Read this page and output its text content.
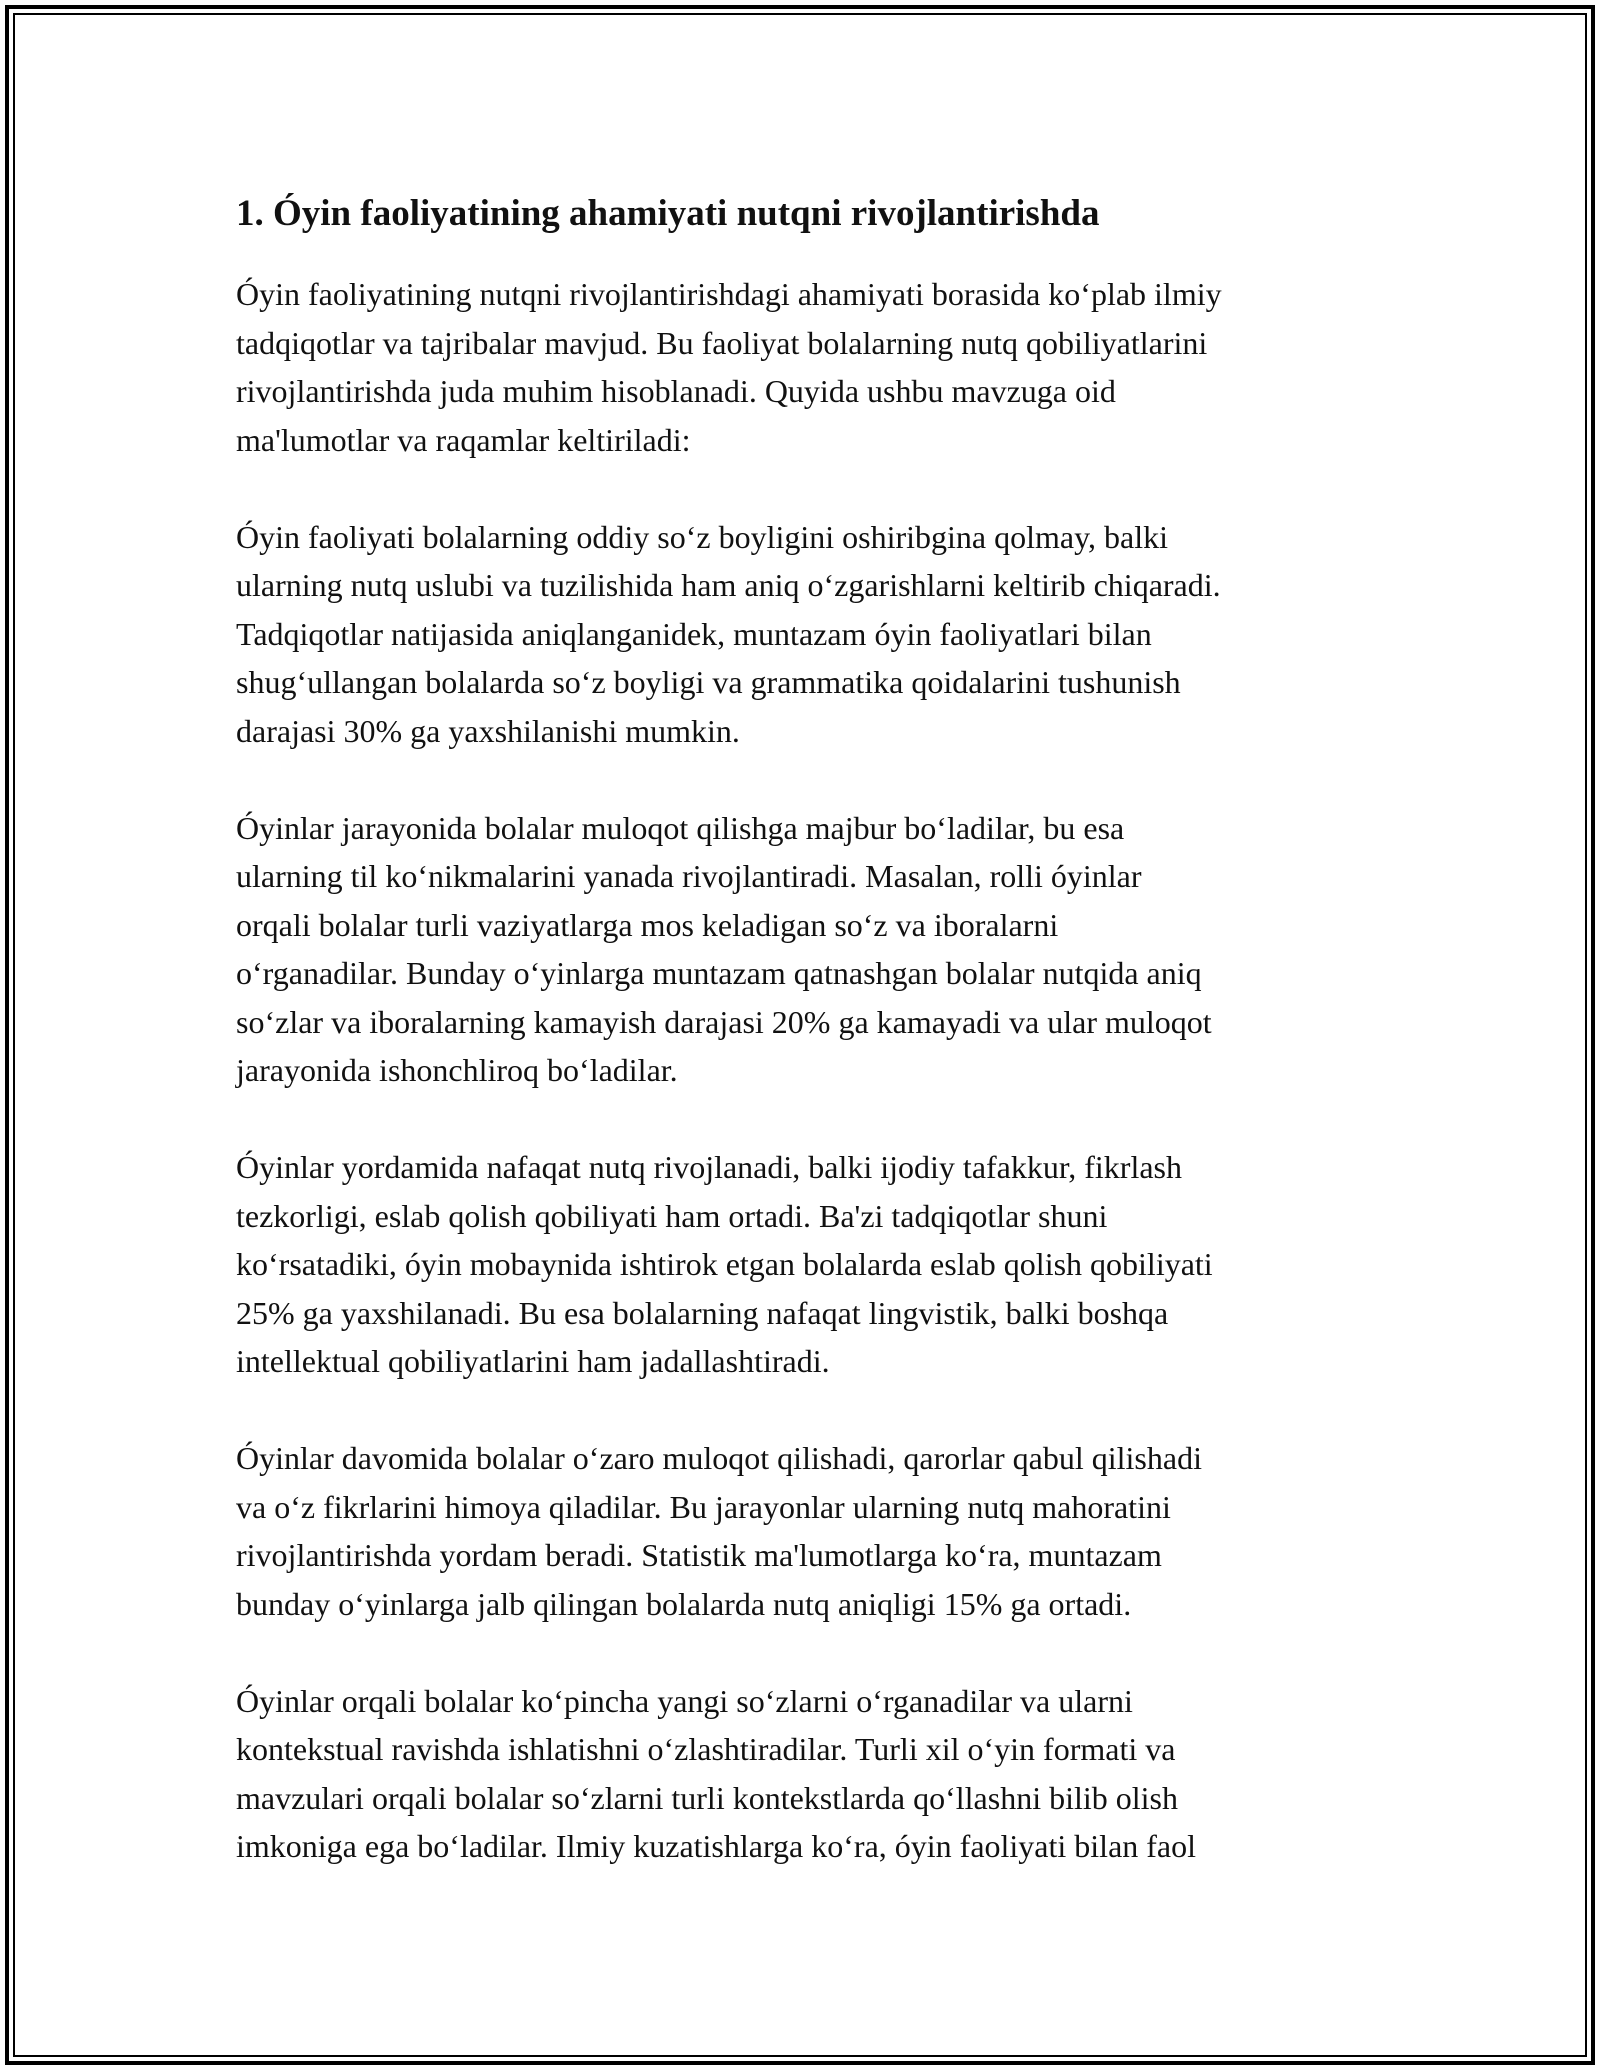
1. Óyin faoliyatining ahamiyati nutqni rivojlantirishda

Óyin faoliyatining nutqni rivojlantirishdagi ahamiyati borasida koʻplab ilmiy
tadqiqotlar va tajribalar mavjud. Bu faoliyat bolalarning nutq qobiliyatlarini
rivojlantirishda juda muhim hisoblanadi. Quyida ushbu mavzuga oid
ma'lumotlar va raqamlar keltiriladi:

Óyin faoliyati bolalarning oddiy soʻz boyligini oshiribgina qolmay, balki
ularning nutq uslubi va tuzilishida ham aniq oʻzgarishlarni keltirib chiqaradi.
Tadqiqotlar natijasida aniqlanganidek, muntazam óyin faoliyatlari bilan
shugʻullangan bolalarda soʻz boyligi va grammatika qoidalarini tushunish
darajasi 30% ga yaxshilanishi mumkin.

Óyinlar jarayonida bolalar muloqot qilishga majbur boʻladilar, bu esa
ularning til koʻnikmalarini yanada rivojlantiradi. Masalan, rolli óyinlar
orqali bolalar turli vaziyatlarga mos keladigan soʻz va iboralarni
oʻrganadilar. Bunday oʻyinlarga muntazam qatnashgan bolalar nutqida aniq
soʻzlar va iboralarning kamayish darajasi 20% ga kamayadi va ular muloqot
jarayonida ishonchliroq boʻladilar.

Óyinlar yordamida nafaqat nutq rivojlanadi, balki ijodiy tafakkur, fikrlash
tezkorligi, eslab qolish qobiliyati ham ortadi. Ba'zi tadqiqotlar shuni
koʻrsatadiki, óyin mobaynida ishtirok etgan bolalarda eslab qolish qobiliyati
25% ga yaxshilanadi. Bu esa bolalarning nafaqat lingvistik, balki boshqa
intellektual qobiliyatlarini ham jadallashtiradi.

Óyinlar davomida bolalar oʻzaro muloqot qilishadi, qarorlar qabul qilishadi
va oʻz fikrlarini himoya qiladilar. Bu jarayonlar ularning nutq mahoratini
rivojlantirishda yordam beradi. Statistik ma'lumotlarga koʻra, muntazam
bunday oʻyinlarga jalb qilingan bolalarda nutq aniqligi 15% ga ortadi.

Óyinlar orqali bolalar koʻpincha yangi soʻzlarni oʻrganadilar va ularni
kontekstual ravishda ishlatishni oʻzlashtiradilar. Turli xil oʻyin formati va
mavzulari orqali bolalar soʻzlarni turli kontekstlarda qoʻllashni bilib olish
imkoniga ega boʻladilar. Ilmiy kuzatishlarga koʻra, óyin faoliyati bilan faol
